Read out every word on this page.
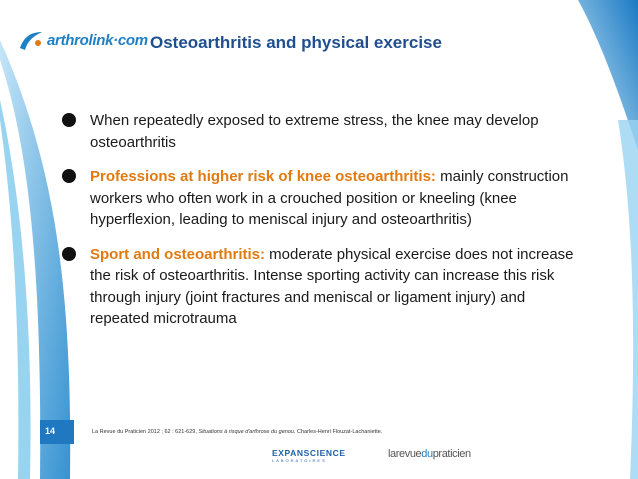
arthrolink·com Osteoarthritis and physical exercise
When repeatedly exposed to extreme stress, the knee may develop osteoarthritis
Professions at higher risk of knee osteoarthritis: mainly construction workers who often work in a crouched position or kneeling (knee hyperflexion, leading to meniscal injury and osteoarthritis)
Sport and osteoarthritis: moderate physical exercise does not increase the risk of osteoarthritis. Intense sporting activity can increase this risk through injury (joint fractures and meniscal or ligament injury) and repeated microtrauma
14	La Revue du Praticien 2012 ; 62 : 621-629, Situations à risque d'arthrose du genou. Charles-Henri Flouzat-Lachaniette.
EXPANSCIENCE
LABORATOIRES
larevuedupraticien
